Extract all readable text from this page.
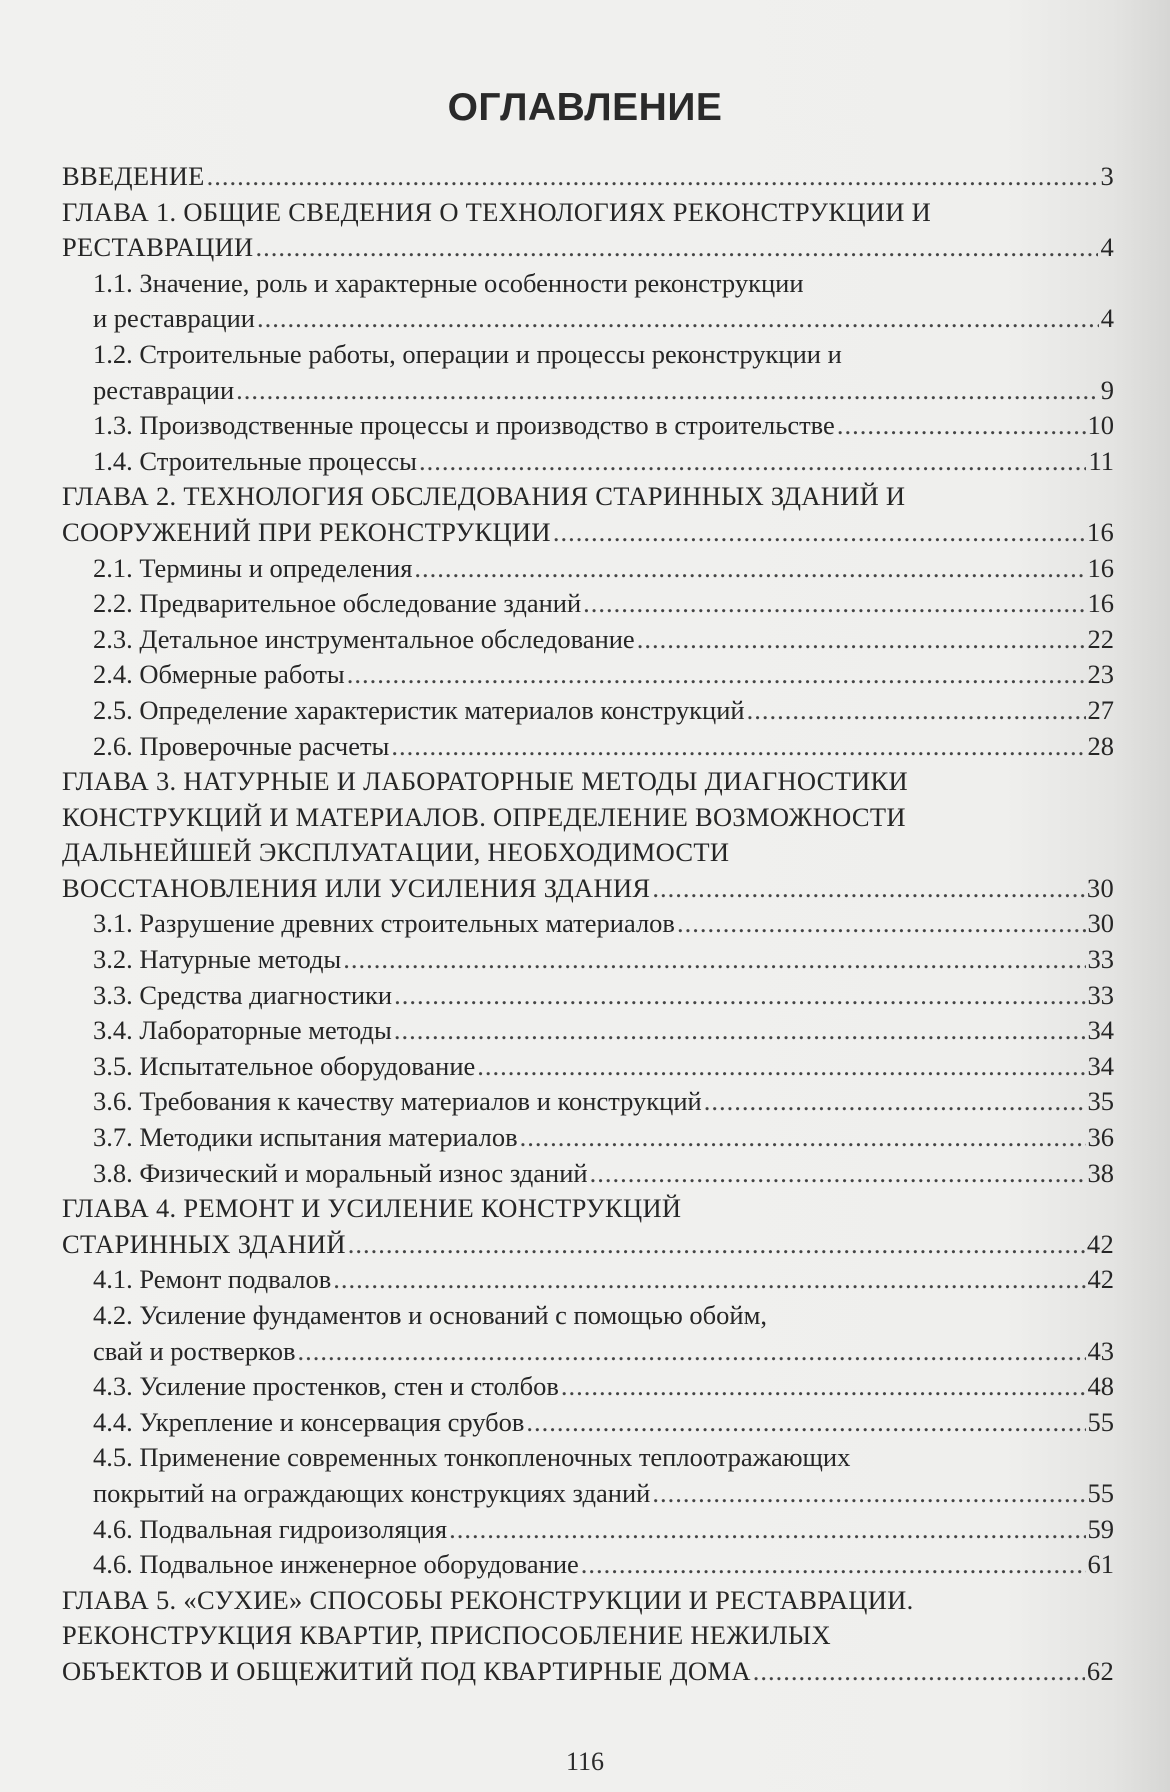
ОГЛАВЛЕНИЕ
ВВЕДЕНИЕ .....	3
ГЛАВА 1. ОБЩИЕ СВЕДЕНИЯ О ТЕХНОЛОГИЯХ РЕКОНСТРУКЦИИ И
РЕСТАВРАЦИИ .....	4
1.1. Значение, роль и характерные особенности реконструкции
и реставрации .....	4
1.2. Строительные работы, операции и процессы реконструкции и
реставрации .....	9
1.3. Производственные процессы и производство в строительстве .....	10
1.4. Строительные процессы .....	11
ГЛАВА 2. ТЕХНОЛОГИЯ ОБСЛЕДОВАНИЯ СТАРИННЫХ ЗДАНИЙ И
СООРУЖЕНИЙ ПРИ РЕКОНСТРУКЦИИ .....	16
2.1. Термины и определения .....	16
2.2. Предварительное обследование зданий .....	16
2.3. Детальное инструментальное обследование .....	22
2.4. Обмерные работы .....	23
2.5. Определение характеристик материалов конструкций .....	27
2.6. Проверочные расчеты .....	28
ГЛАВА 3. НАТУРНЫЕ И ЛАБОРАТОРНЫЕ МЕТОДЫ ДИАГНОСТИКИ
КОНСТРУКЦИЙ И МАТЕРИАЛОВ. ОПРЕДЕЛЕНИЕ ВОЗМОЖНОСТИ
ДАЛЬНЕЙШЕЙ ЭКСПЛУАТАЦИИ, НЕОБХОДИМОСТИ
ВОССТАНОВЛЕНИЯ ИЛИ УСИЛЕНИЯ ЗДАНИЯ .....	30
3.1. Разрушение древних строительных материалов .....	30
3.2. Натурные методы .....	33
3.3. Средства диагностики .....	33
3.4. Лабораторные методы .....	34
3.5. Испытательное оборудование .....	34
3.6. Требования к качеству материалов и конструкций .....	35
3.7. Методики испытания материалов .....	36
3.8. Физический и моральный износ зданий .....	38
ГЛАВА 4. РЕМОНТ И УСИЛЕНИЕ КОНСТРУКЦИЙ
СТАРИННЫХ ЗДАНИЙ .....	42
4.1. Ремонт подвалов .....	42
4.2. Усиление фундаментов и оснований с помощью обойм,
свай и ростверков .....	43
4.3. Усиление простенков, стен и столбов .....	48
4.4. Укрепление и консервация срубов .....	55
4.5. Применение современных тонкопленочных теплоотражающих
покрытий на ограждающих конструкциях зданий .....	55
4.6. Подвальная гидроизоляция .....	59
4.6. Подвальное инженерное оборудование .....	61
ГЛАВА 5. «СУХИЕ» СПОСОБЫ РЕКОНСТРУКЦИИ И РЕСТАВРАЦИИ.
РЕКОНСТРУКЦИЯ КВАРТИР, ПРИСПОСОБЛЕНИЕ НЕЖИЛЫХ
ОБЪЕКТОВ И ОБЩЕЖИТИЙ ПОД КВАРТИРНЫЕ ДОМА .....	62
116
